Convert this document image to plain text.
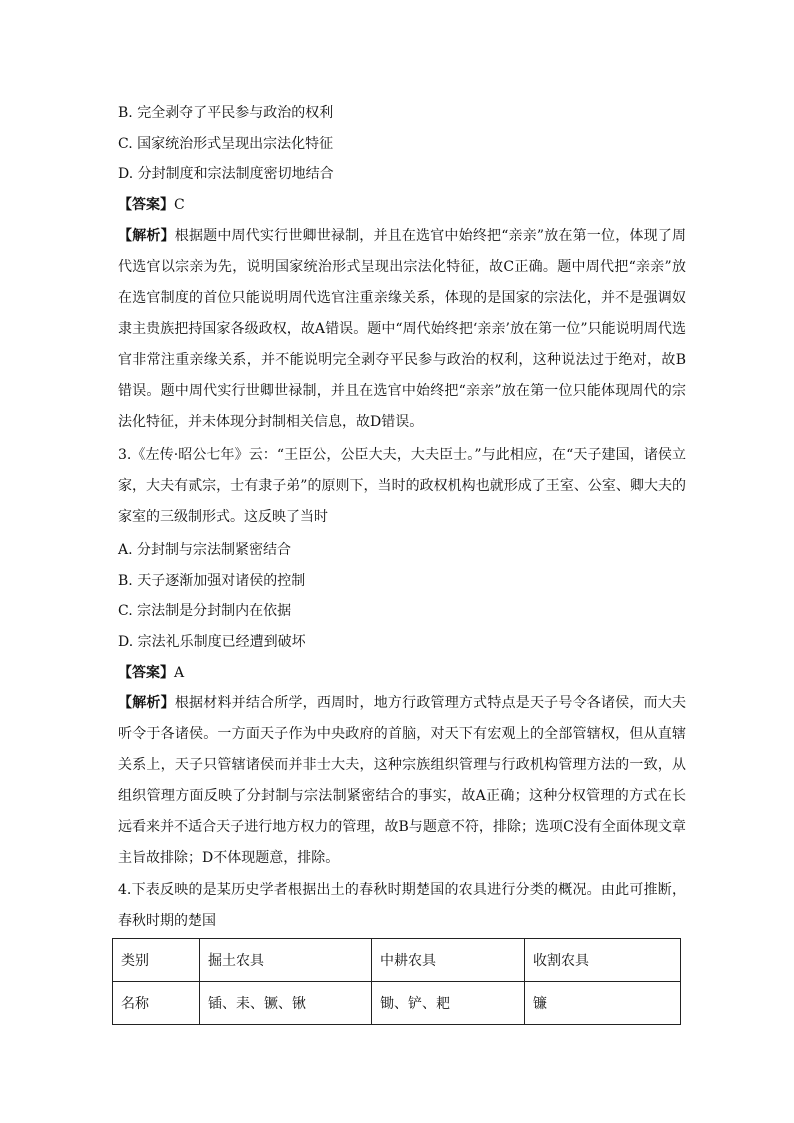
B. 完全剥夺了平民参与政治的权利
C. 国家统治形式呈现出宗法化特征
D. 分封制度和宗法制度密切地结合
【答案】C
【解析】根据题中周代实行世卿世禄制，并且在选官中始终把“亲亲”放在第一位，体现了周代选官以宗亲为先，说明国家统治形式呈现出宗法化特征，故C正确。题中周代把“亲亲”放在选官制度的首位只能说明周代选官注重亲缘关系，体现的是国家的宗法化，并不是强调奴隶主贵族把持国家各级政权，故A错误。题中“周代始终把‘亲亲’放在第一位”只能说明周代选官非常注重亲缘关系，并不能说明完全剥夺平民参与政治的权利，这种说法过于绝对，故B错误。题中周代实行世卿世禄制，并且在选官中始终把“亲亲”放在第一位只能体现周代的宗法化特征，并未体现分封制相关信息，故D错误。
3.《左传·昭公七年》云：“王臣公，公臣大夫，大夫臣士。”与此相应，在“天子建国，诸侯立家，大夫有贰宗，士有隶子弟”的原则下，当时的政权机构也就形成了王室、公室、卿大夫的家室的三级制形式。这反映了当时
A. 分封制与宗法制紧密结合
B. 天子逐渐加强对诸侯的控制
C. 宗法制是分封制内在依据
D. 宗法礼乐制度已经遭到破坏
【答案】A
【解析】根据材料并结合所学，西周时，地方行政管理方式特点是天子号令各诸侯，而大夫听令于各诸侯。一方面天子作为中央政府的首脑，对天下有宏观上的全部管辖权，但从直辖关系上，天子只管辖诸侯而并非士大夫，这种宗族组织管理与行政机构管理方法的一致，从组织管理方面反映了分封制与宗法制紧密结合的事实，故A正确；这种分权管理的方式在长远看来并不适合天子进行地方权力的管理，故B与题意不符，排除；选项C没有全面体现文章主旨故排除；D不体现题意，排除。
4.下表反映的是某历史学者根据出土的春秋时期楚国的农具进行分类的概况。由此可推断，春秋时期的楚国
类别	掘土农具	中耕农具	收割农具
名称	锸、耒、镢、锹	锄、铲、耙	镰
